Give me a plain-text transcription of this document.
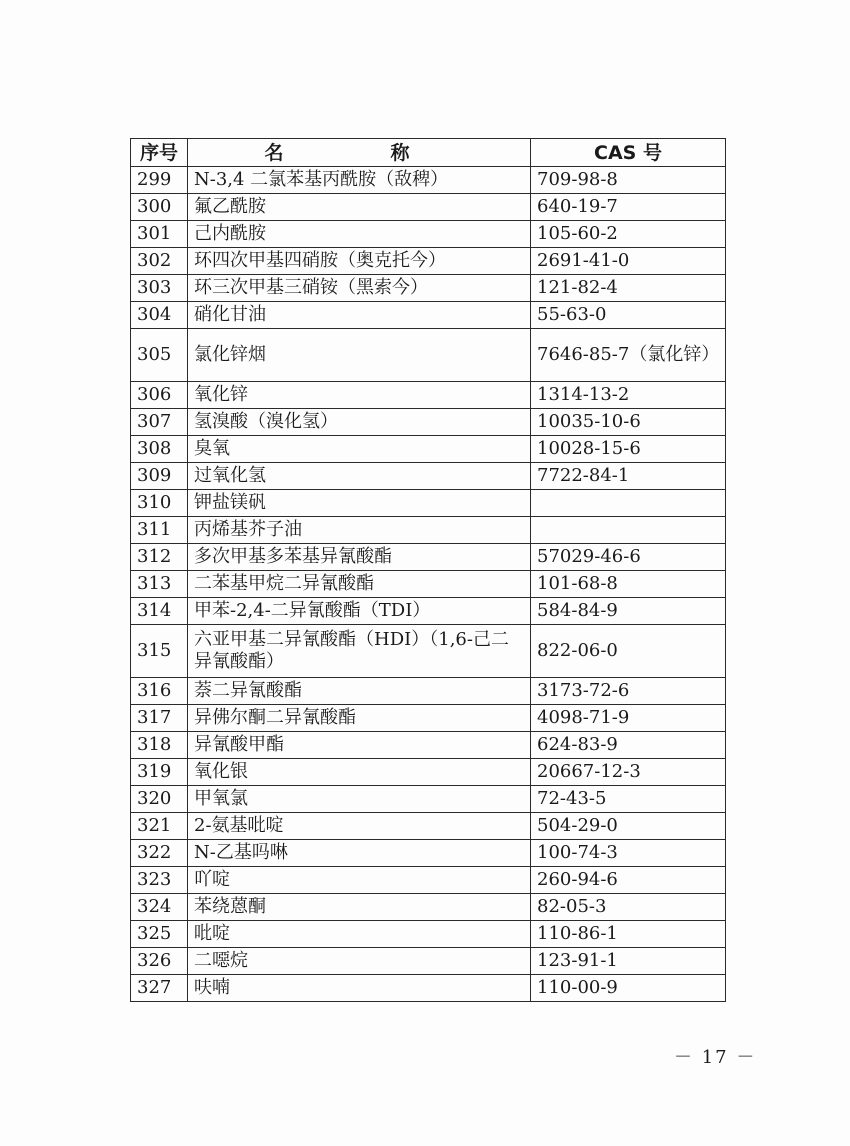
序号	名　称	CAS 号
299	N-3,4 二氯苯基丙酰胺（敌稗）	709-98-8
300	氟乙酰胺	640-19-7
301	己内酰胺	105-60-2
302	环四次甲基四硝胺（奥克托今）	2691-41-0
303	环三次甲基三硝铵（黑索今）	121-82-4
304	硝化甘油	55-63-0
305	氯化锌烟	7646-85-7（氯化锌）
306	氧化锌	1314-13-2
307	氢溴酸（溴化氢）	10035-10-6
308	臭氧	10028-15-6
309	过氧化氢	7722-84-1
310	钾盐镁矾	
311	丙烯基芥子油	
312	多次甲基多苯基异氰酸酯	57029-46-6
313	二苯基甲烷二异氰酸酯	101-68-8
314	甲苯-2,4-二异氰酸酯（TDI）	584-84-9
315	六亚甲基二异氰酸酯（HDI）（1,6-己二异氰酸酯）	822-06-0
316	萘二异氰酸酯	3173-72-6
317	异佛尔酮二异氰酸酯	4098-71-9
318	异氰酸甲酯	624-83-9
319	氧化银	20667-12-3
320	甲氧氯	72-43-5
321	2-氨基吡啶	504-29-0
322	N-乙基吗啉	100-74-3
323	吖啶	260-94-6
324	苯绕蒽酮	82-05-3
325	吡啶	110-86-1
326	二噁烷	123-91-1
327	呋喃	110-00-9
－ 17 －
